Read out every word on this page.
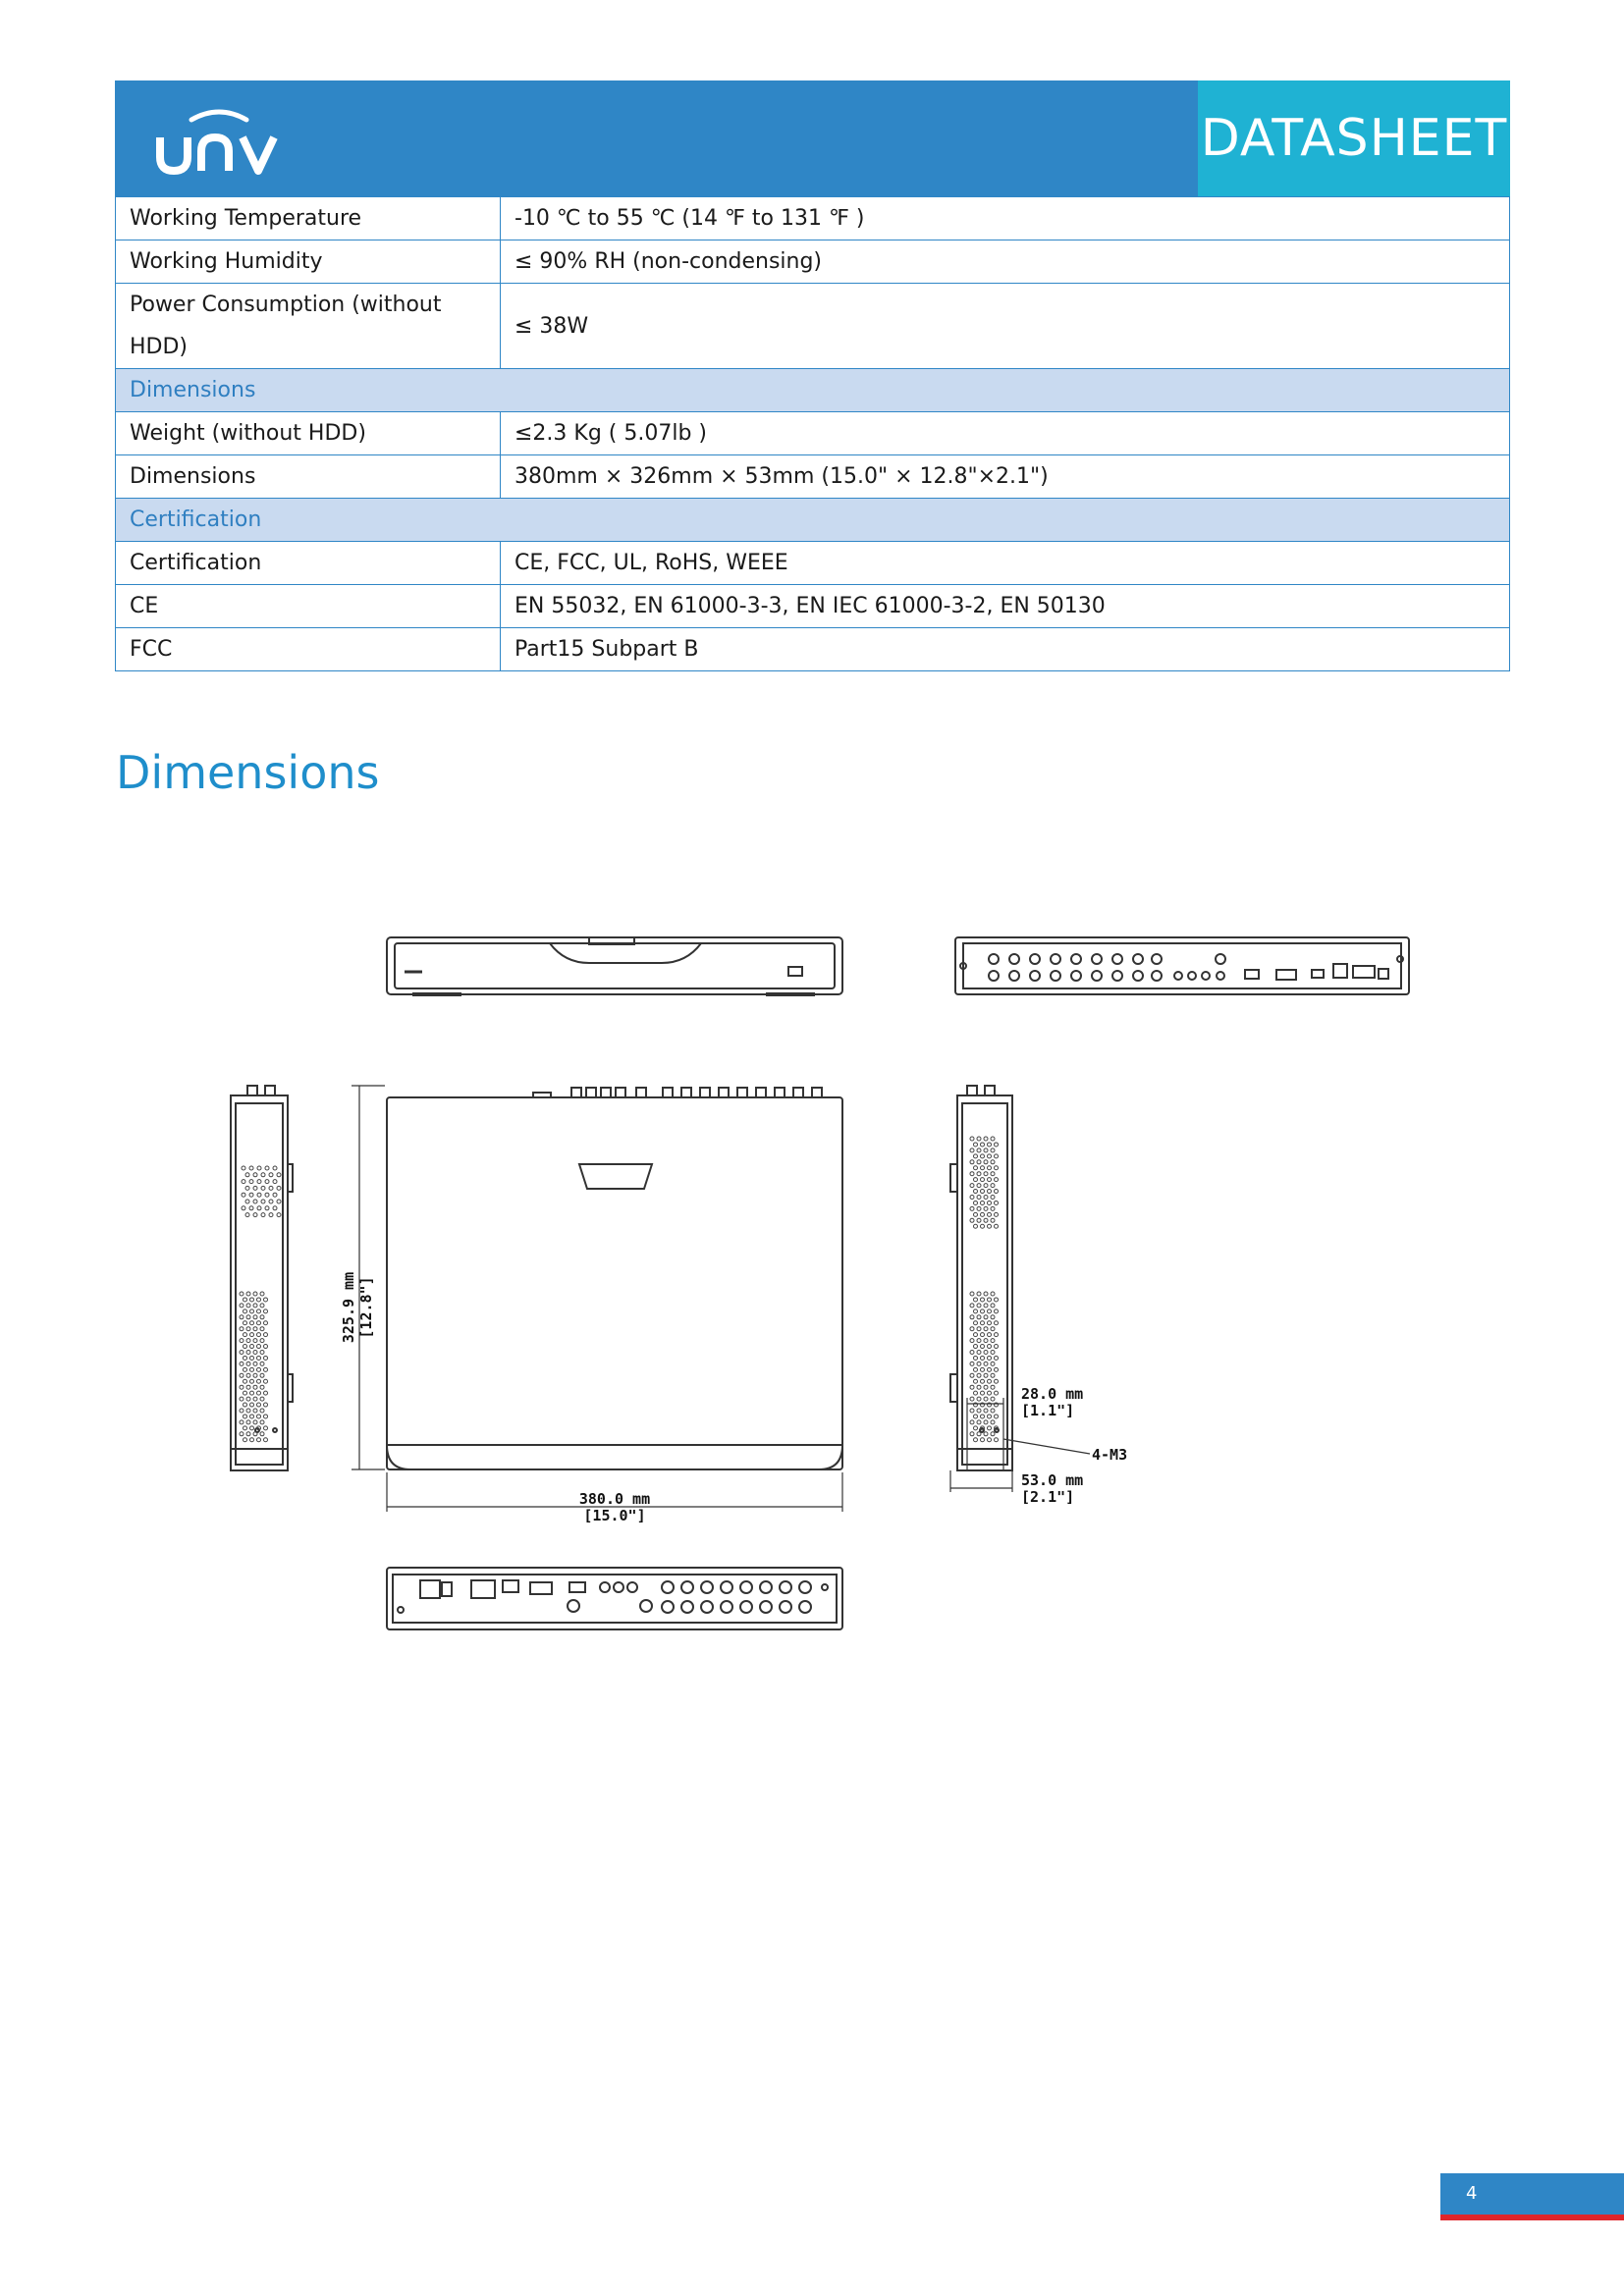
DATASHEET
Working Temperature	-10 ℃ to 55 ℃ (14 ℉ to 131 ℉ )
Working Humidity	≤ 90% RH (non-condensing)
Power Consumption (without HDD)	≤ 38W
Dimensions	
Weight (without HDD)	≤2.3 Kg ( 5.07lb )
Dimensions	380mm × 326mm × 53mm (15.0" × 12.8"×2.1")
Certification	
Certification	CE, FCC, UL, RoHS, WEEE
CE	EN 55032, EN 61000-3-3, EN IEC 61000-3-2, EN 50130
FCC	Part15 Subpart B
Dimensions
325.9 mm [12.8"]
380.0 mm
[15.0"]
28.0 mm
[1.1"]
4-M3
53.0 mm
[2.1"]
4
